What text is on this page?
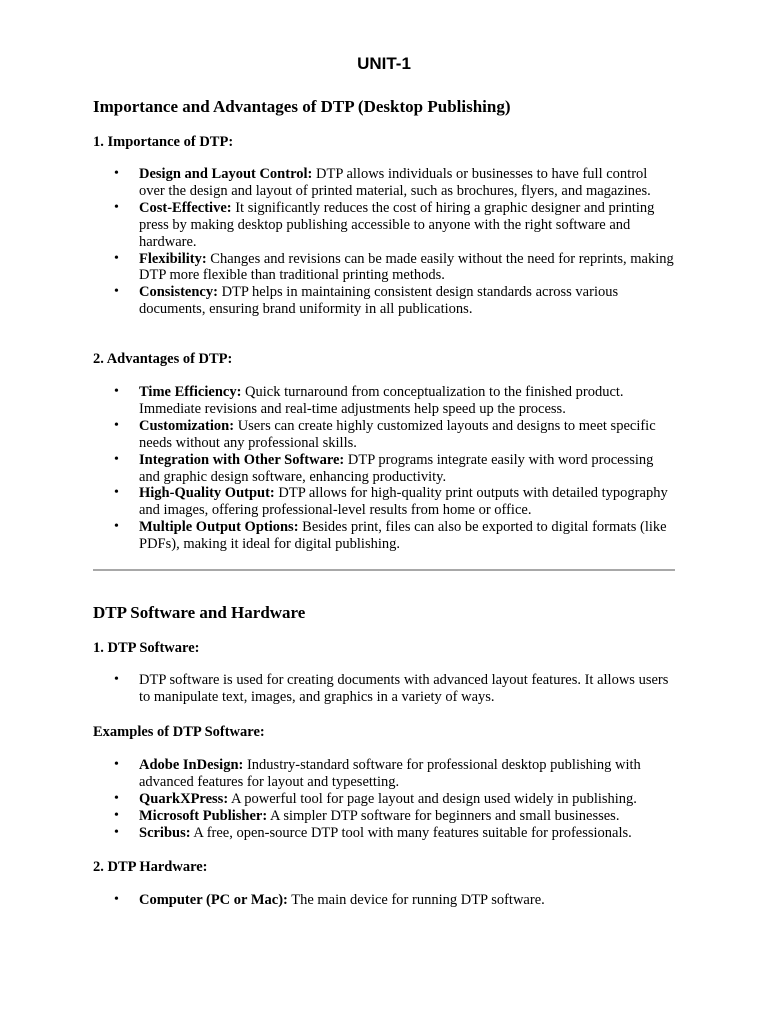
UNIT-1
Importance and Advantages of DTP (Desktop Publishing)
1. Importance of DTP:
• Design and Layout Control: DTP allows individuals or businesses to have full control over the design and layout of printed material, such as brochures, flyers, and magazines.
• Cost-Effective: It significantly reduces the cost of hiring a graphic designer and printing press by making desktop publishing accessible to anyone with the right software and hardware.
• Flexibility: Changes and revisions can be made easily without the need for reprints, making DTP more flexible than traditional printing methods.
• Consistency: DTP helps in maintaining consistent design standards across various documents, ensuring brand uniformity in all publications.
2. Advantages of DTP:
• Time Efficiency: Quick turnaround from conceptualization to the finished product. Immediate revisions and real-time adjustments help speed up the process.
• Customization: Users can create highly customized layouts and designs to meet specific needs without any professional skills.
• Integration with Other Software: DTP programs integrate easily with word processing and graphic design software, enhancing productivity.
• High-Quality Output: DTP allows for high-quality print outputs with detailed typography and images, offering professional-level results from home or office.
• Multiple Output Options: Besides print, files can also be exported to digital formats (like PDFs), making it ideal for digital publishing.
DTP Software and Hardware
1. DTP Software:
• DTP software is used for creating documents with advanced layout features. It allows users to manipulate text, images, and graphics in a variety of ways.
Examples of DTP Software:
• Adobe InDesign: Industry-standard software for professional desktop publishing with advanced features for layout and typesetting.
• QuarkXPress: A powerful tool for page layout and design used widely in publishing.
• Microsoft Publisher: A simpler DTP software for beginners and small businesses.
• Scribus: A free, open-source DTP tool with many features suitable for professionals.
2. DTP Hardware:
• Computer (PC or Mac): The main device for running DTP software.
